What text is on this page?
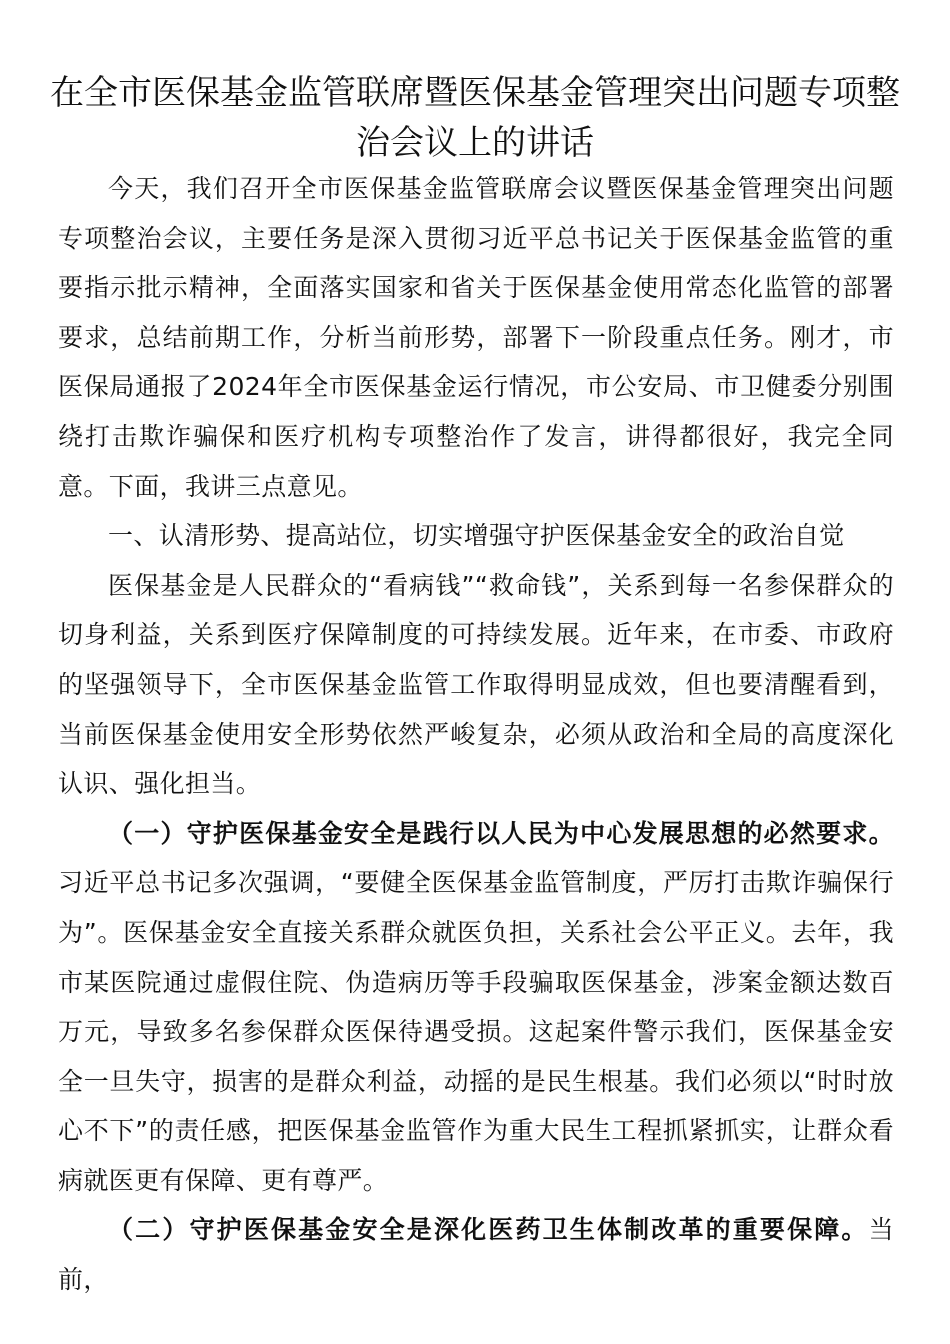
在全市医保基金监管联席暨医保基金管理突出问题专项整治会议上的讲话

今天，我们召开全市医保基金监管联席会议暨医保基金管理突出问题专项整治会议，主要任务是深入贯彻习近平总书记关于医保基金监管的重要指示批示精神，全面落实国家和省关于医保基金使用常态化监管的部署要求，总结前期工作，分析当前形势，部署下一阶段重点任务。刚才，市医保局通报了2024年全市医保基金运行情况，市公安局、市卫健委分别围绕打击欺诈骗保和医疗机构专项整治作了发言，讲得都很好，我完全同意。下面，我讲三点意见。

一、认清形势、提高站位，切实增强守护医保基金安全的政治自觉

医保基金是人民群众的“看病钱”“救命钱”，关系到每一名参保群众的切身利益，关系到医疗保障制度的可持续发展。近年来，在市委、市政府的坚强领导下，全市医保基金监管工作取得明显成效，但也要清醒看到，当前医保基金使用安全形势依然严峻复杂，必须从政治和全局的高度深化认识、强化担当。

（一）守护医保基金安全是践行以人民为中心发展思想的必然要求。习近平总书记多次强调，“要健全医保基金监管制度，严厉打击欺诈骗保行为”。医保基金安全直接关系群众就医负担，关系社会公平正义。去年，我市某医院通过虚假住院、伪造病历等手段骗取医保基金，涉案金额达数百万元，导致多名参保群众医保待遇受损。这起案件警示我们，医保基金安全一旦失守，损害的是群众利益，动摇的是民生根基。我们必须以“时时放心不下”的责任感，把医保基金监管作为重大民生工程抓紧抓实，让群众看病就医更有保障、更有尊严。

（二）守护医保基金安全是深化医药卫生体制改革的重要保障。当前，
